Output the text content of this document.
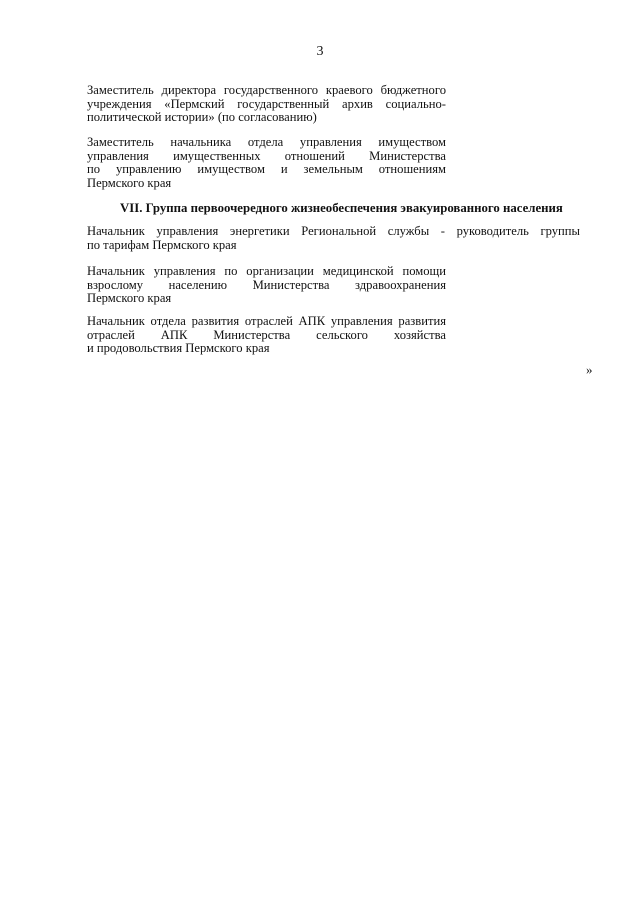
3
Заместитель директора государственного краевого бюджетного
учреждения «Пермский государственный архив социально-
политической истории» (по согласованию)
Заместитель начальника отдела управления имуществом
управления имущественных отношений Министерства
по управлению имуществом и земельным отношениям
Пермского края
VII. Группа первоочередного жизнеобеспечения эвакуированного населения
Начальник управления энергетики Региональной службы - руководитель группы
по тарифам Пермского края
Начальник управления по организации медицинской помощи
взрослому населению Министерства здравоохранения
Пермского края
Начальник отдела развития отраслей АПК управления развития
отраслей АПК Министерства сельского хозяйства
и продовольствия Пермского края
»
